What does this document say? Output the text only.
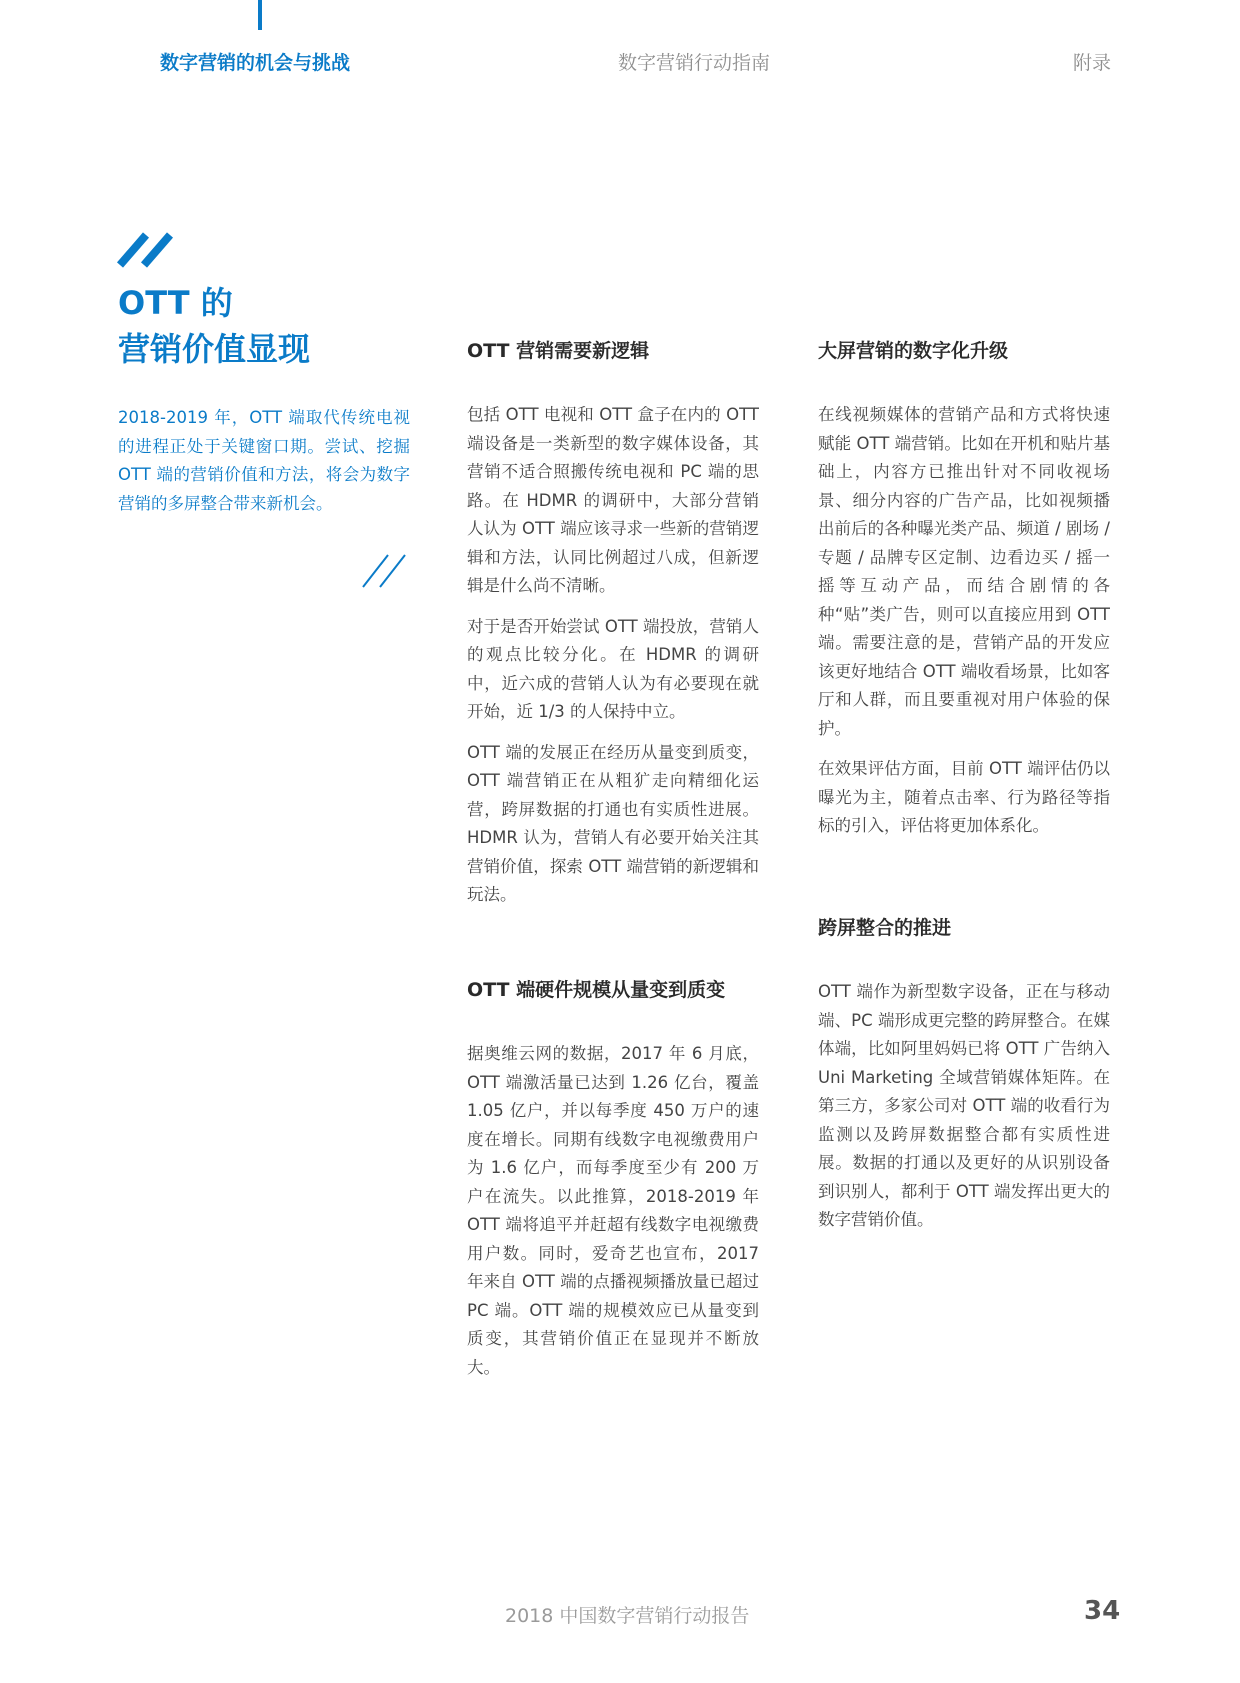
数字营销的机会与挑战	数字营销行动指南	附录
OTT 的
营销价值显现
2018-2019 年，OTT 端取代传统电视的进程正处于关键窗口期。尝试、挖掘 OTT 端的营销价值和方法，将会为数字营销的多屏整合带来新机会。
OTT 营销需要新逻辑

包括 OTT 电视和 OTT 盒子在内的 OTT 端设备是一类新型的数字媒体设备，其营销不适合照搬传统电视和 PC 端的思路。在 HDMR 的调研中，大部分营销人认为 OTT 端应该寻求一些新的营销逻辑和方法，认同比例超过八成，但新逻辑是什么尚不清晰。

对于是否开始尝试 OTT 端投放，营销人的观点比较分化。在 HDMR 的调研中，近六成的营销人认为有必要现在就开始，近 1/3 的人保持中立。

OTT 端的发展正在经历从量变到质变，OTT 端营销正在从粗犷走向精细化运营，跨屏数据的打通也有实质性进展。HDMR 认为，营销人有必要开始关注其营销价值，探索 OTT 端营销的新逻辑和玩法。

OTT 端硬件规模从量变到质变

据奥维云网的数据，2017 年 6 月底，OTT 端激活量已达到 1.26 亿台，覆盖 1.05 亿户，并以每季度 450 万户的速度在增长。同期有线数字电视缴费用户为 1.6 亿户，而每季度至少有 200 万户在流失。以此推算，2018-2019 年 OTT 端将追平并赶超有线数字电视缴费用户数。同时，爱奇艺也宣布，2017 年来自 OTT 端的点播视频播放量已超过 PC 端。OTT 端的规模效应已从量变到质变，其营销价值正在显现并不断放大。

大屏营销的数字化升级

在线视频媒体的营销产品和方式将快速赋能 OTT 端营销。比如在开机和贴片基础上，内容方已推出针对不同收视场景、细分内容的广告产品，比如视频播出前后的各种曝光类产品、频道 / 剧场 / 专题 / 品牌专区定制、边看边买 / 摇一摇等互动产品，而结合剧情的各种“贴”类广告，则可以直接应用到 OTT 端。需要注意的是，营销产品的开发应该更好地结合 OTT 端收看场景，比如客厅和人群，而且要重视对用户体验的保护。

在效果评估方面，目前 OTT 端评估仍以曝光为主，随着点击率、行为路径等指标的引入，评估将更加体系化。

跨屏整合的推进

OTT 端作为新型数字设备，正在与移动端、PC 端形成更完整的跨屏整合。在媒体端，比如阿里妈妈已将 OTT 广告纳入 Uni Marketing 全域营销媒体矩阵。在第三方，多家公司对 OTT 端的收看行为监测以及跨屏数据整合都有实质性进展。数据的打通以及更好的从识别设备到识别人，都利于 OTT 端发挥出更大的数字营销价值。

2018 中国数字营销行动报告	34
